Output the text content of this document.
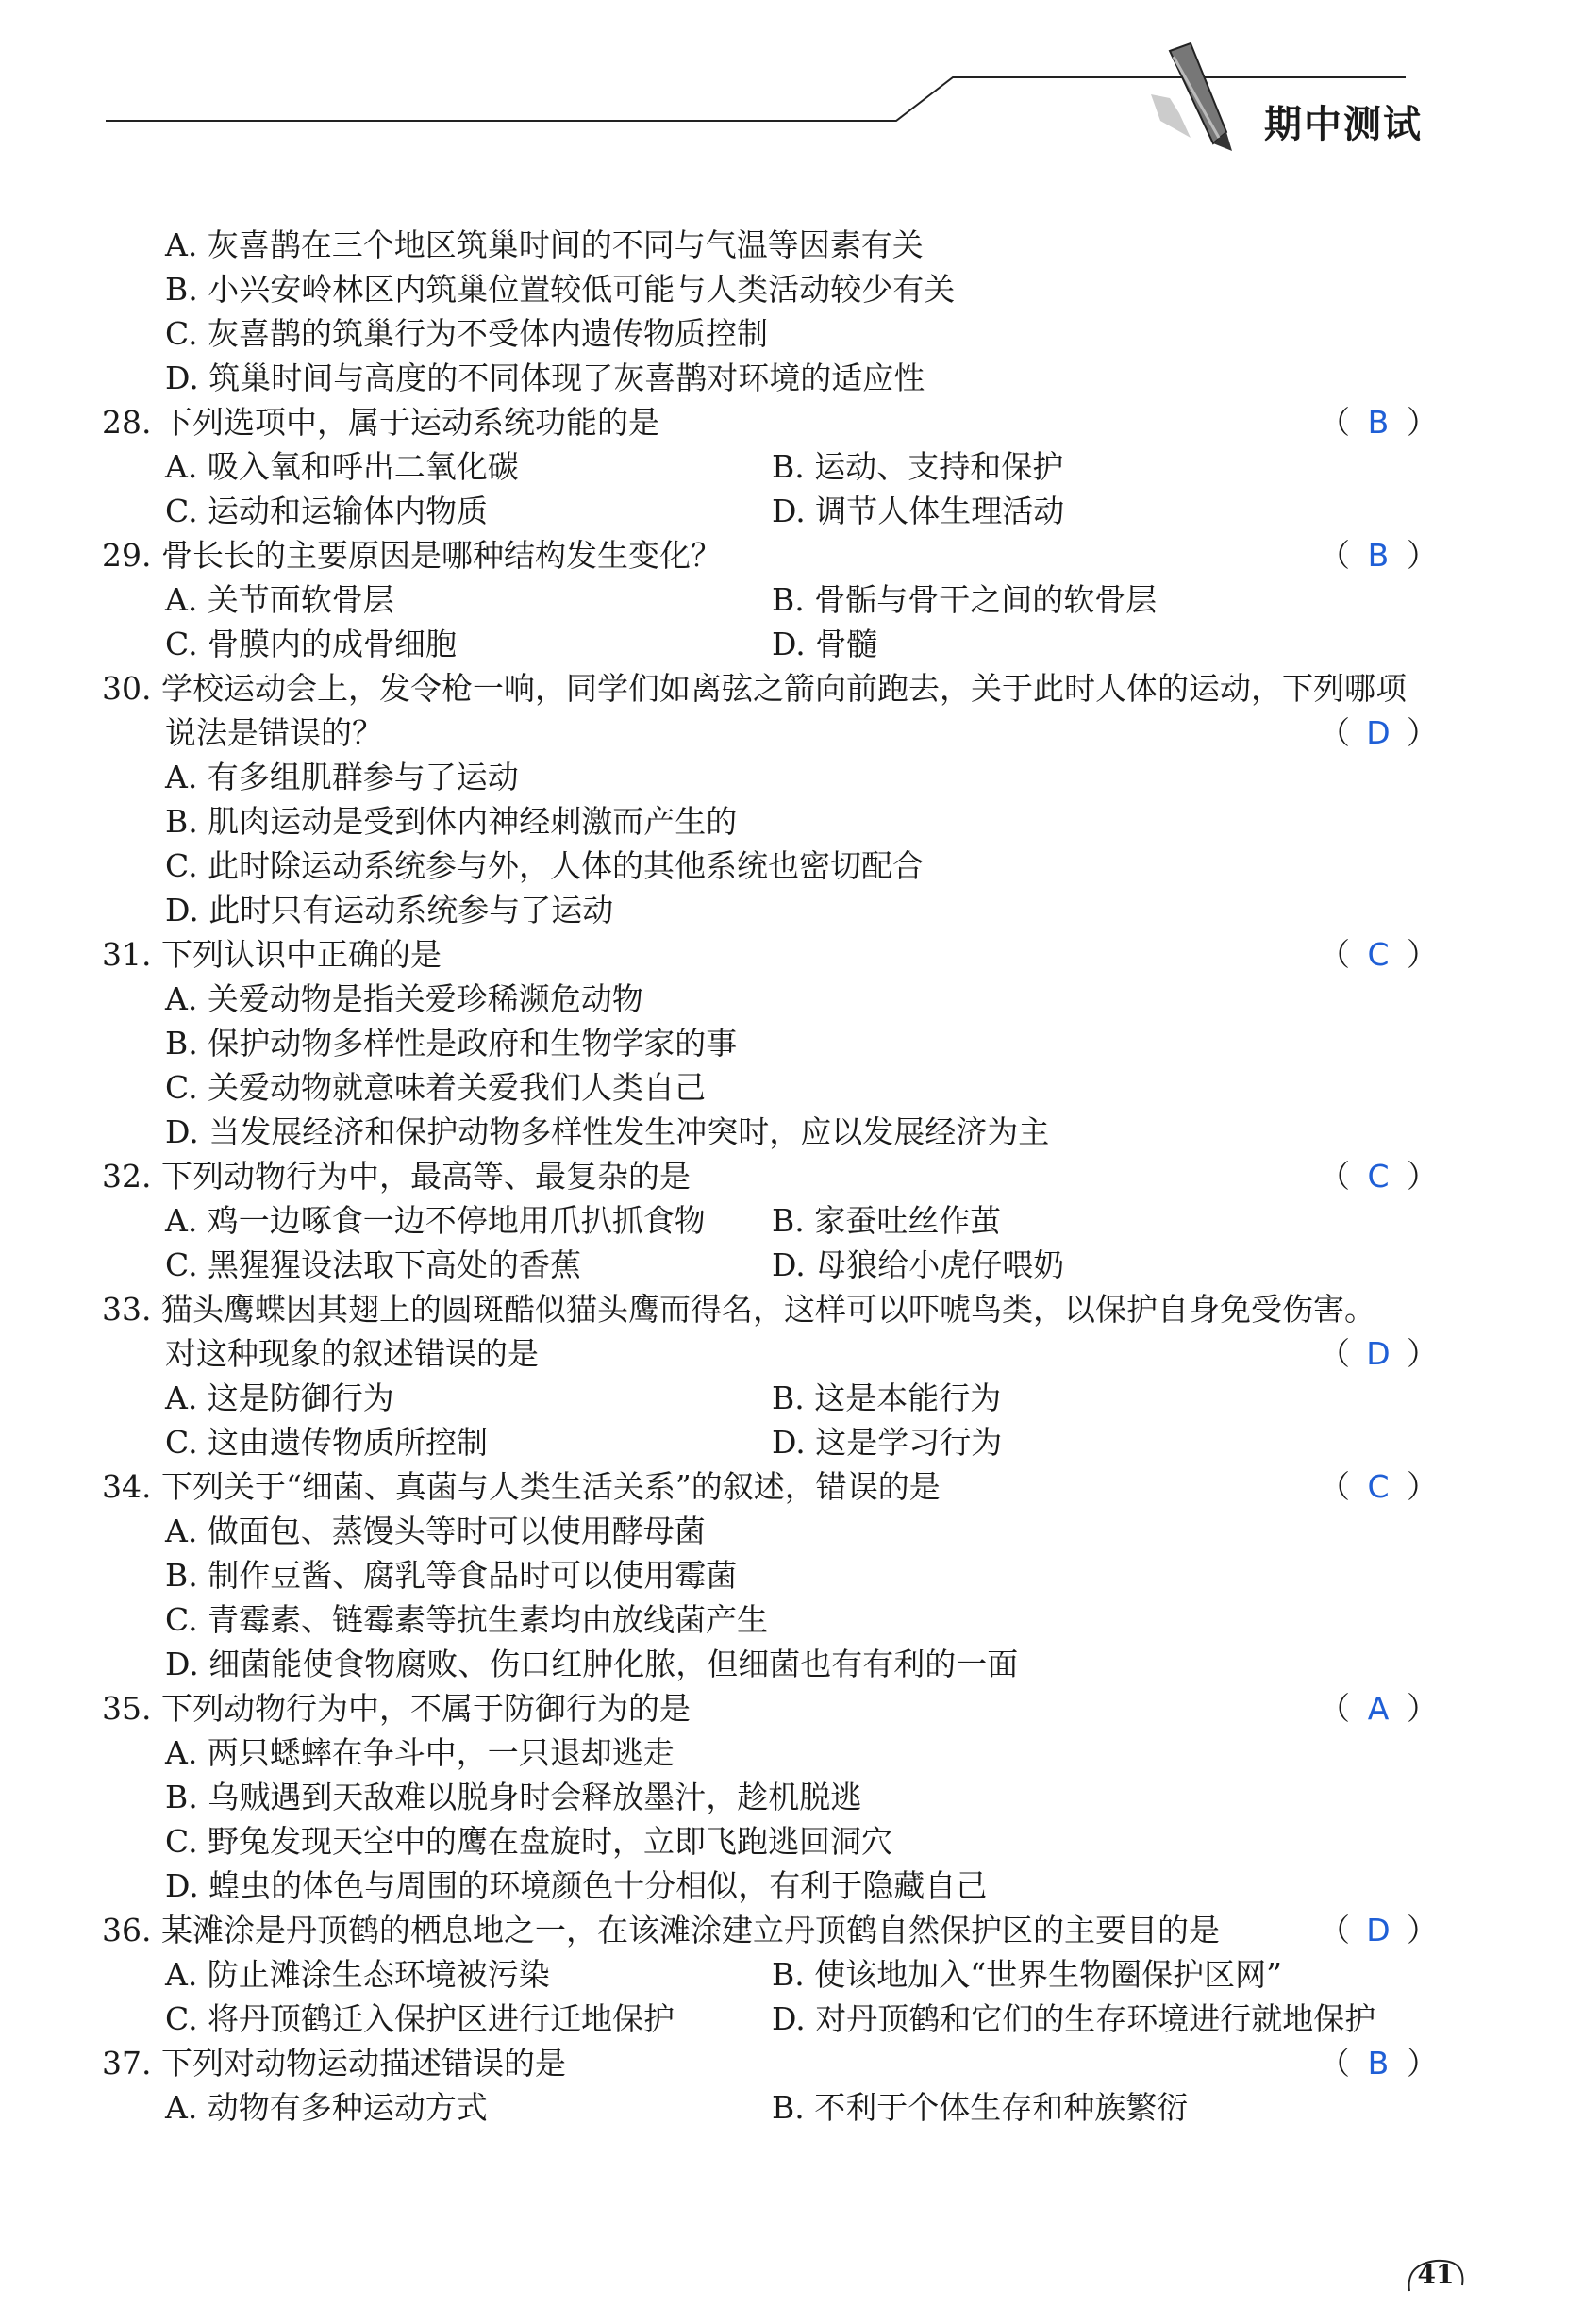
期中测试
A. 灰喜鹊在三个地区筑巢时间的不同与气温等因素有关
B. 小兴安岭林区内筑巢位置较低可能与人类活动较少有关
C. 灰喜鹊的筑巢行为不受体内遗传物质控制
D. 筑巢时间与高度的不同体现了灰喜鹊对环境的适应性
28. 下列选项中，属于运动系统功能的是	（ B ）
A. 吸入氧和呼出二氧化碳	B. 运动、支持和保护
C. 运动和运输体内物质	D. 调节人体生理活动
29. 骨长长的主要原因是哪种结构发生变化？	（ B ）
A. 关节面软骨层	B. 骨骺与骨干之间的软骨层
C. 骨膜内的成骨细胞	D. 骨髓
30. 学校运动会上，发令枪一响，同学们如离弦之箭向前跑去，关于此时人体的运动，下列哪项
说法是错误的？	（ D ）
A. 有多组肌群参与了运动
B. 肌肉运动是受到体内神经刺激而产生的
C. 此时除运动系统参与外，人体的其他系统也密切配合
D. 此时只有运动系统参与了运动
31. 下列认识中正确的是	（ C ）
A. 关爱动物是指关爱珍稀濒危动物
B. 保护动物多样性是政府和生物学家的事
C. 关爱动物就意味着关爱我们人类自己
D. 当发展经济和保护动物多样性发生冲突时，应以发展经济为主
32. 下列动物行为中，最高等、最复杂的是	（ C ）
A. 鸡一边啄食一边不停地用爪扒抓食物 B. 家蚕吐丝作茧
C. 黑猩猩设法取下高处的香蕉	D. 母狼给小虎仔喂奶
33. 猫头鹰蝶因其翅上的圆斑酷似猫头鹰而得名，这样可以吓唬鸟类，以保护自身免受伤害。
对这种现象的叙述错误的是	（ D ）
A. 这是防御行为	B. 这是本能行为
C. 这由遗传物质所控制	D. 这是学习行为
34. 下列关于“细菌、真菌与人类生活关系”的叙述，错误的是	（ C ）
A. 做面包、蒸馒头等时可以使用酵母菌
B. 制作豆酱、腐乳等食品时可以使用霉菌
C. 青霉素、链霉素等抗生素均由放线菌产生
D. 细菌能使食物腐败、伤口红肿化脓，但细菌也有有利的一面
35. 下列动物行为中，不属于防御行为的是	（ A ）
A. 两只蟋蟀在争斗中，一只退却逃走
B. 乌贼遇到天敌难以脱身时会释放墨汁，趁机脱逃
C. 野兔发现天空中的鹰在盘旋时，立即飞跑逃回洞穴
D. 蝗虫的体色与周围的环境颜色十分相似，有利于隐藏自己
36. 某滩涂是丹顶鹤的栖息地之一，在该滩涂建立丹顶鹤自然保护区的主要目的是	（ D ）
A. 防止滩涂生态环境被污染	B. 使该地加入“世界生物圈保护区网”
C. 将丹顶鹤迁入保护区进行迁地保护	D. 对丹顶鹤和它们的生存环境进行就地保护
37. 下列对动物运动描述错误的是	（ B ）
A. 动物有多种运动方式	B. 不利于个体生存和种族繁衍
41
